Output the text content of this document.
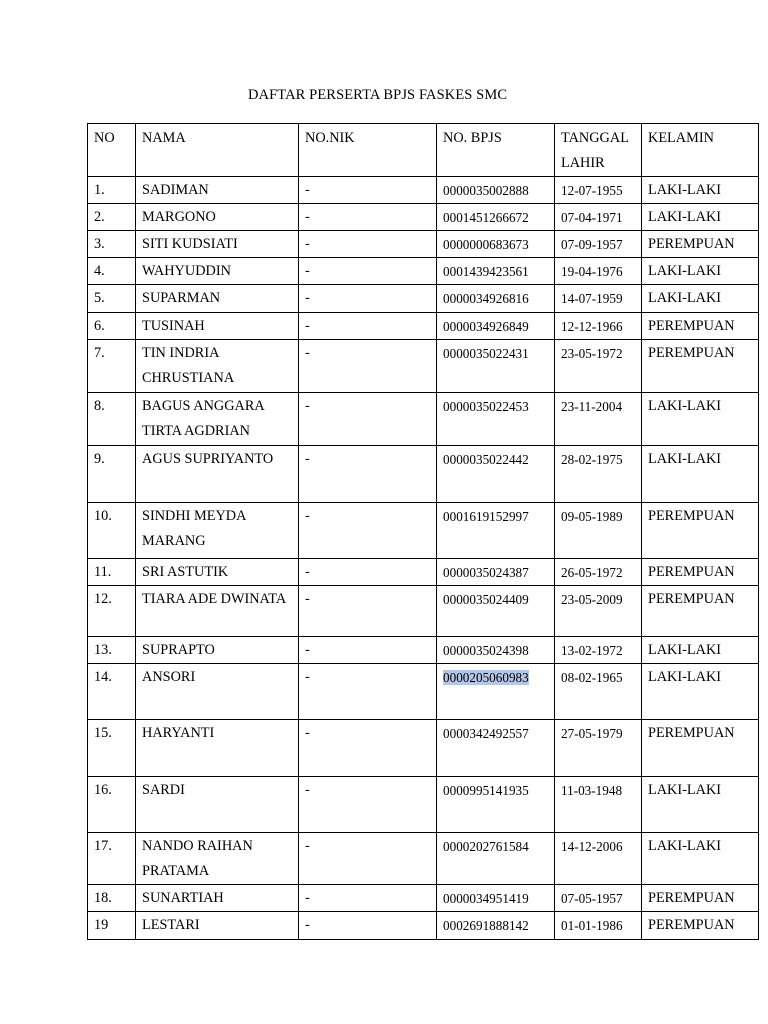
DAFTAR PERSERTA BPJS FASKES SMC
NO	NAMA	NO.NIK	NO. BPJS	TANGGAL LAHIR	KELAMIN
1.	SADIMAN	-	0000035002888	12-07-1955	LAKI-LAKI
2.	MARGONO	-	0001451266672	07-04-1971	LAKI-LAKI
3.	SITI KUDSIATI	-	0000000683673	07-09-1957	PEREMPUAN
4.	WAHYUDDIN	-	0001439423561	19-04-1976	LAKI-LAKI
5.	SUPARMAN	-	0000034926816	14-07-1959	LAKI-LAKI
6.	TUSINAH	-	0000034926849	12-12-1966	PEREMPUAN
7.	TIN INDRIA CHRUSTIANA	-	0000035022431	23-05-1972	PEREMPUAN
8.	BAGUS ANGGARA TIRTA AGDRIAN	-	0000035022453	23-11-2004	LAKI-LAKI
9.	AGUS SUPRIYANTO	-	0000035022442	28-02-1975	LAKI-LAKI
10.	SINDHI MEYDA MARANG	-	0001619152997	09-05-1989	PEREMPUAN
11.	SRI ASTUTIK	-	0000035024387	26-05-1972	PEREMPUAN
12.	TIARA ADE DWINATA	-	0000035024409	23-05-2009	PEREMPUAN
13.	SUPRAPTO	-	0000035024398	13-02-1972	LAKI-LAKI
14.	ANSORI	-	0000205060983	08-02-1965	LAKI-LAKI
15.	HARYANTI	-	0000342492557	27-05-1979	PEREMPUAN
16.	SARDI	-	0000995141935	11-03-1948	LAKI-LAKI
17.	NANDO RAIHAN PRATAMA	-	0000202761584	14-12-2006	LAKI-LAKI
18.	SUNARTIAH	-	0000034951419	07-05-1957	PEREMPUAN
19	LESTARI	-	0002691888142	01-01-1986	PEREMPUAN
